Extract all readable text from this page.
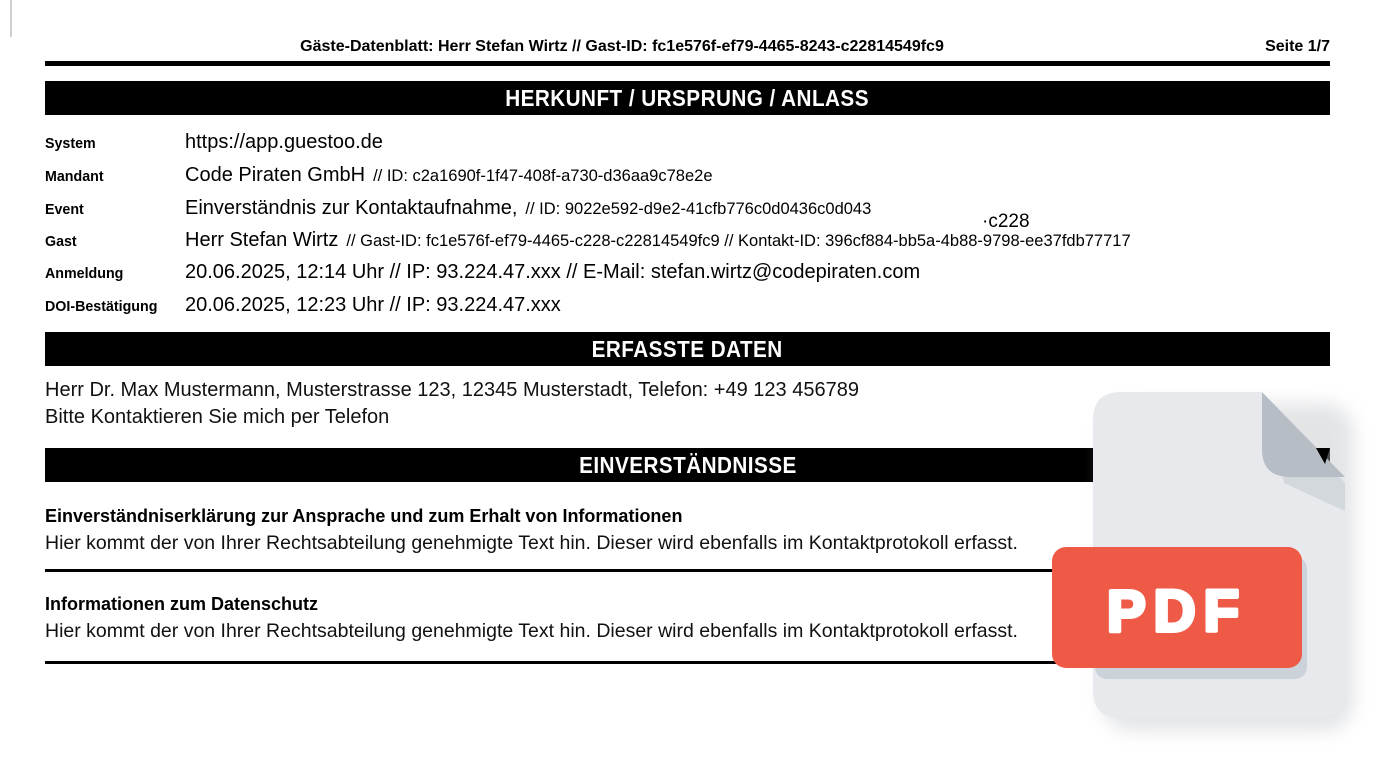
Gäste-Datenblatt: Herr Stefan Wirtz // Gast-ID: fc1e576f-ef79-4465-8243-c22814549fc9	Seite 1/7
HERKUNFT / URSPRUNG / ANLASS
System	https://app.guestoo.de
Mandant	Code Piraten GmbH // ID: c2a1690f-1f47-408f-a730-d36aa9c78e2e
Event	Einverständnis zur Kontaktaufnahme, // ID: 9022e592-d9e2-41cfb776c0d0436c0d043
Gast	Herr Stefan Wirtz // Gast-ID: fc1e576f-ef79-4465-c228-c22814549fc9 // Kontakt-ID: 396cf884-bb5a-4b88-9798-ee37fdb77717
Anmeldung	20.06.2025, 12:14 Uhr // IP: 93.224.47.xxx // E-Mail: stefan.wirtz@codepiraten.com
DOI-Bestätigung	20.06.2025, 12:23 Uhr // IP: 93.224.47.xxx
·c228
ERFASSTE DATEN
Herr Dr. Max Mustermann, Musterstrasse 123, 12345 Musterstadt, Telefon: +49 123 456789
Bitte Kontaktieren Sie mich per Telefon
EINVERSTÄNDNISSE
Einverständniserklärung zur Ansprache und zum Erhalt von Informationen
Hier kommt der von Ihrer Rechtsabteilung genehmigte Text hin. Dieser wird ebenfalls im Kontaktprotokoll erfasst.
Informationen zum Datenschutz
Hier kommt der von Ihrer Rechtsabteilung genehmigte Text hin. Dieser wird ebenfalls im Kontaktprotokoll erfasst. PDF
